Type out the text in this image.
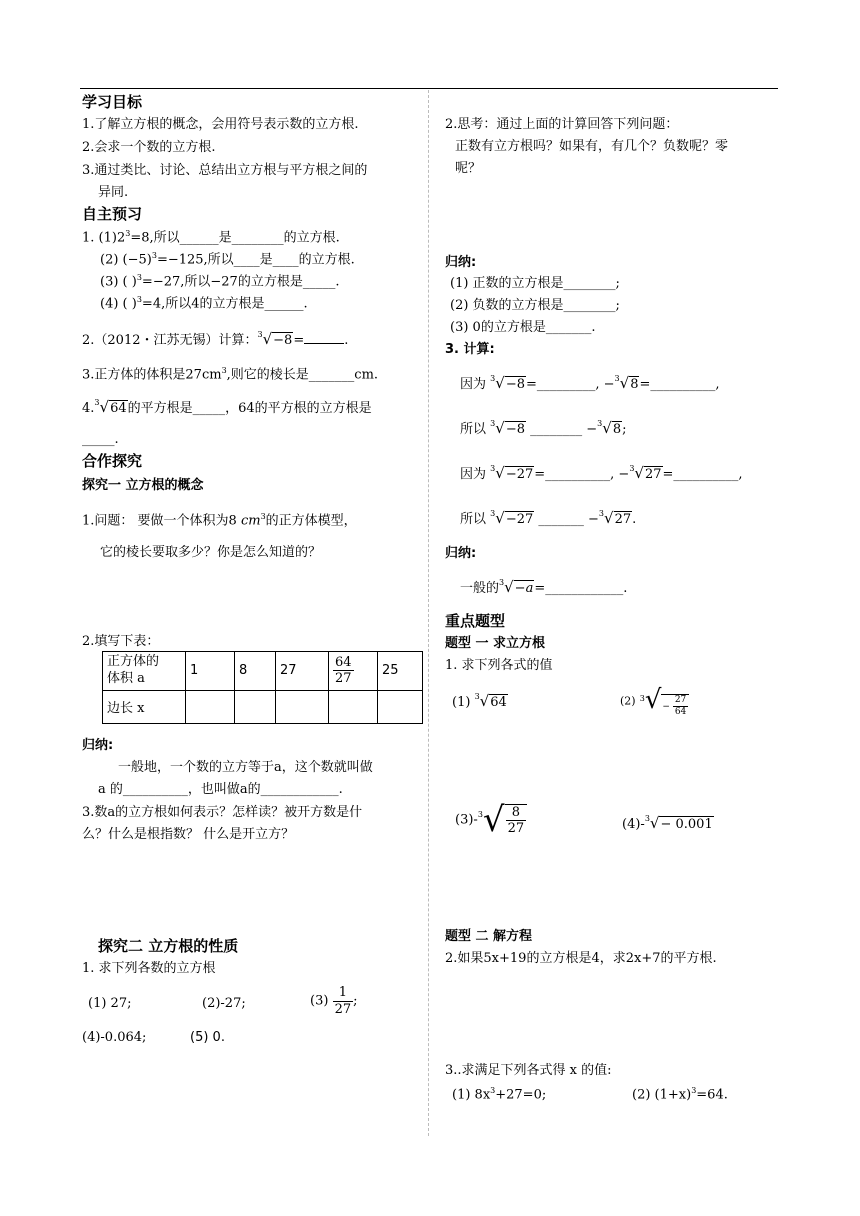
学习目标
1.了解立方根的概念，会用符号表示数的立方根.
2.会求一个数的立方根.
3.通过类比、讨论、总结出立方根与平方根之间的
异同.
自主预习
1. $(1)2^3=8$,所以______是________的立方根.
(2) $(-5)^3=-125$,所以____是____的立方根.
(3) ( )$^3$=−27,所以−27的立方根是_____.
(4) ( )$^3$=4,所以4的立方根是______.
2.（2012・江苏无锡）计算：$^3$√−8=	.
3.正方体的体积是$27cm^3$,则它的棱长是_______cm.
4.$^3$√64的平方根是_____，64的平方根的立方根是
_____.
合作探究
探究一 立方根的概念
1.问题： 要做一个体积为8 $cm^3$的正方体模型，
它的棱长要取多少？你是怎么知道的？
2.填写下表：
正方体的
体积 a	1	8	27	$\frac{64}{27}$	25
边长 x					
归纳:
一般地，一个数的立方等于a，这个数就叫做
a 的__________，也叫做a的____________.
3.数a的立方根如何表示？怎样读？被开方数是什
么？什么是根指数？ 什么是开立方？
探究二 立方根的性质
1. 求下列各数的立方根
(1) 27;	(2)-27;	$(3) \frac{1}{27}$ ;
(4)-0.064;	(5) 0.
2.思考：通过上面的计算回答下列问题：
正数有立方根吗？如果有，有几个？负数呢？零
呢？
归纳:
(1) 正数的立方根是________;
(2) 负数的立方根是________;
(3) 0的立方根是_______.
3. 计算:
因为 $^3$√−8=_________, −$^3$√8=__________,
所以 $^3$√−8 ________ −$^3$√8;
因为 $^3$√−27=__________, −$^3$√27=__________,
所以 $^3$√−27 _______ −$^3$√27.
归纳:
一般的$^3$√−a=____________.
重点题型
题型 一 求立方根
1. 求下列各式的值
(1) $^3$√64	(2) $3√- \frac{27}{64}$
$(3)-^3√ \frac{8}{27}$	(4)-$^3$√− 0.001
题型 二 解方程
2.如果5x+19的立方根是4，求2x+7的平方根.
3..求满足下列各式得 x 的值:
(1) $8x^3+27=0$;	(2) $(1+x)^3=64$.
